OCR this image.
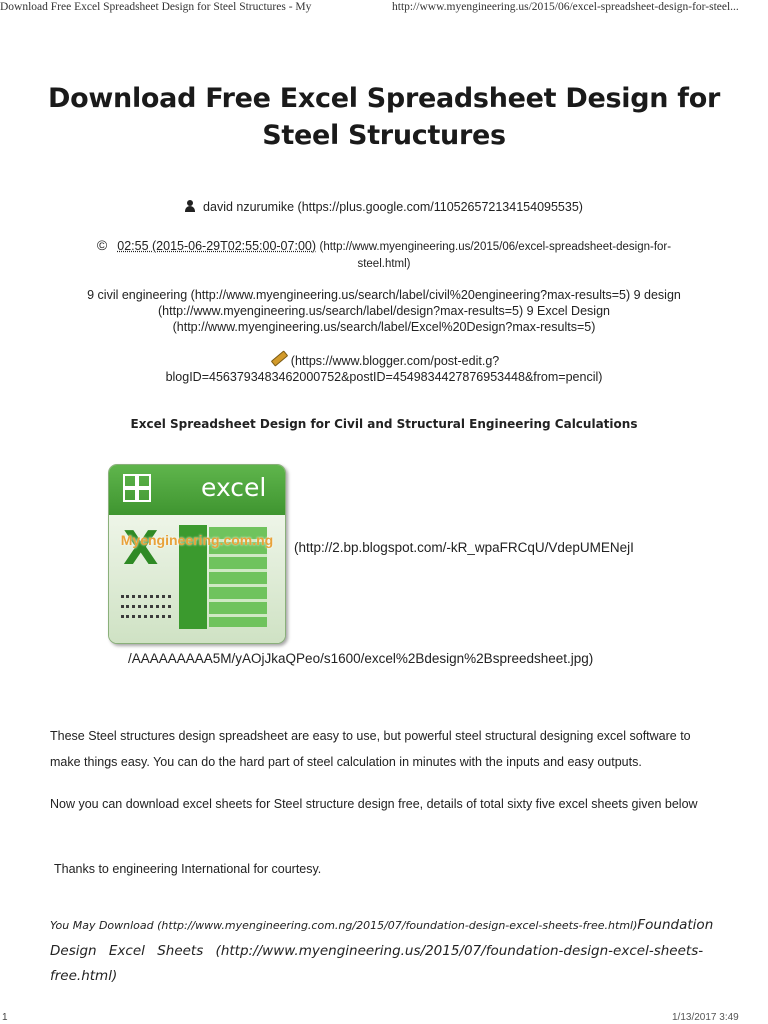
Download Free Excel Spreadsheet Design for Steel Structures - My	http://www.myengineering.us/2015/06/excel-spreadsheet-design-for-steel...
Download Free Excel Spreadsheet Design for Steel Structures
david nzurumike (https://plus.google.com/110526572134154095535)
© 02:55 (2015-06-29T02:55:00-07:00) (http://www.myengineering.us/2015/06/excel-spreadsheet-design-for-steel.html)
9 civil engineering (http://www.myengineering.us/search/label/civil%20engineering?max-results=5) 9 design (http://www.myengineering.us/search/label/design?max-results=5) 9 Excel Design (http://www.myengineering.us/search/label/Excel%20Design?max-results=5)
(https://www.blogger.com/post-edit.g?blogID=4563793483462000752&postID=4549834427876953448&from=pencil)
Excel Spreadsheet Design for Civil and Structural Engineering Calculations
excel
X
Myengineering.com.ng	(http://2.bp.blogspot.com/-kR_wpaFRCqU/VdepUMENejI
/AAAAAAAAA5M/yAOjJkaQPeo/s1600/excel%2Bdesign%2Bspreedsheet.jpg)

These Steel structures design spreadsheet are easy to use, but powerful steel structural designing excel software to make things easy. You can do the hard part of steel calculation in minutes with the inputs and easy outputs.

Now you can download excel sheets for Steel structure design free, details of total sixty five excel sheets given below

Thanks to engineering International for courtesy.

You May Download (http://www.myengineering.com.ng/2015/07/foundation-design-excel-sheets-free.html)Foundation Design Excel Sheets (http://www.myengineering.us/2015/07/foundation-design-excel-sheets-free.html)

1	1/13/2017 3:49
